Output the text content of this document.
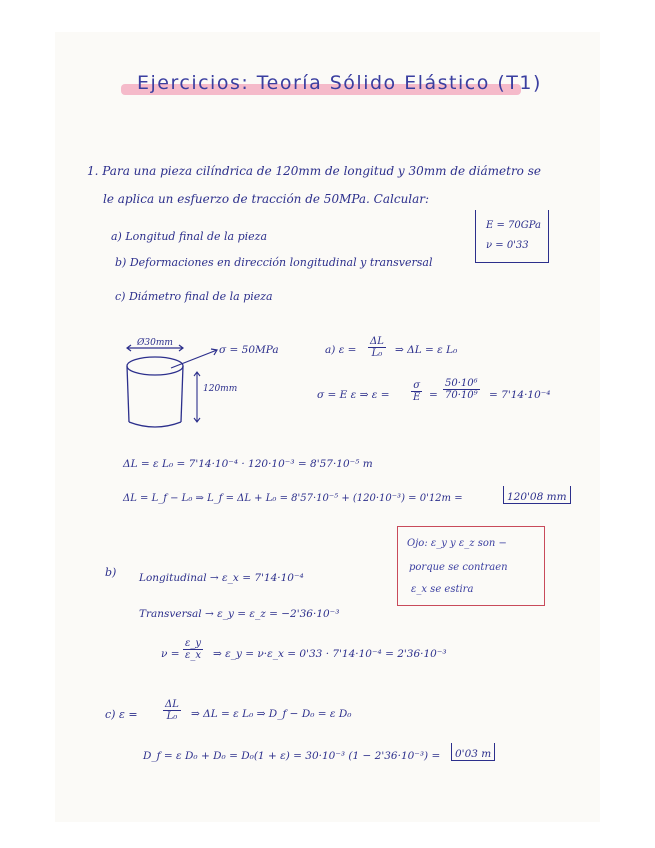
Ejercicios: Teoría Sólido Elástico (T1)
1. Para una pieza cilíndrica de 120mm de longitud y 30mm de diámetro se
le aplica un esfuerzo de tracción de 50MPa. Calcular:
a) Longitud final de la pieza
b) Deformaciones en dirección longitudinal y transversal
c) Diámetro final de la pieza
E = 70GPa
ν = 0'33
Ø30mm
σ = 50MPa
120mm
a) $\varepsilon = \frac{\Delta L}{\text{L₀}}$ ⇒ ΔL = ε L₀
σ = E ε ⇒ $\varepsilon = \frac{\sigma}{E} = \frac{\text{50·10⁶}}{\text{70·10⁹}} = 7'14\cdot 10^{-4}$
ΔL = ε L₀ = 7'14·10⁻⁴ · 120·10⁻³ = 8'57·10⁻⁵ m
ΔL = L_f − L₀ ⇒ L_f = ΔL + L₀ = 8'57·10⁻⁵ + (120·10⁻³) = 0'12m =	120'08 mm
Ojo: ε_y y ε_z son −
porque se contraen
ε_x se estira
b) Longitudinal → ε_x = 7'14·10⁻⁴
Transversal → ε_y = ε_z = −2'36·10⁻³
$\nu = \frac{\varepsilon\_y}{\varepsilon\_x}$ ⇒ ε_y = ν·ε_x = 0'33 · 7'14·10⁻⁴ = 2'36·10⁻³
c) ε =	$\frac{\Delta L}{\text{L₀}}$ ⇒ ΔL = ε L₀ ⇒ D_f − D₀ = ε D₀
D_f = ε D₀ + D₀ = D₀(1 + ε) = 30·10⁻³ (1 − 2'36·10⁻³) =	0'03 m
